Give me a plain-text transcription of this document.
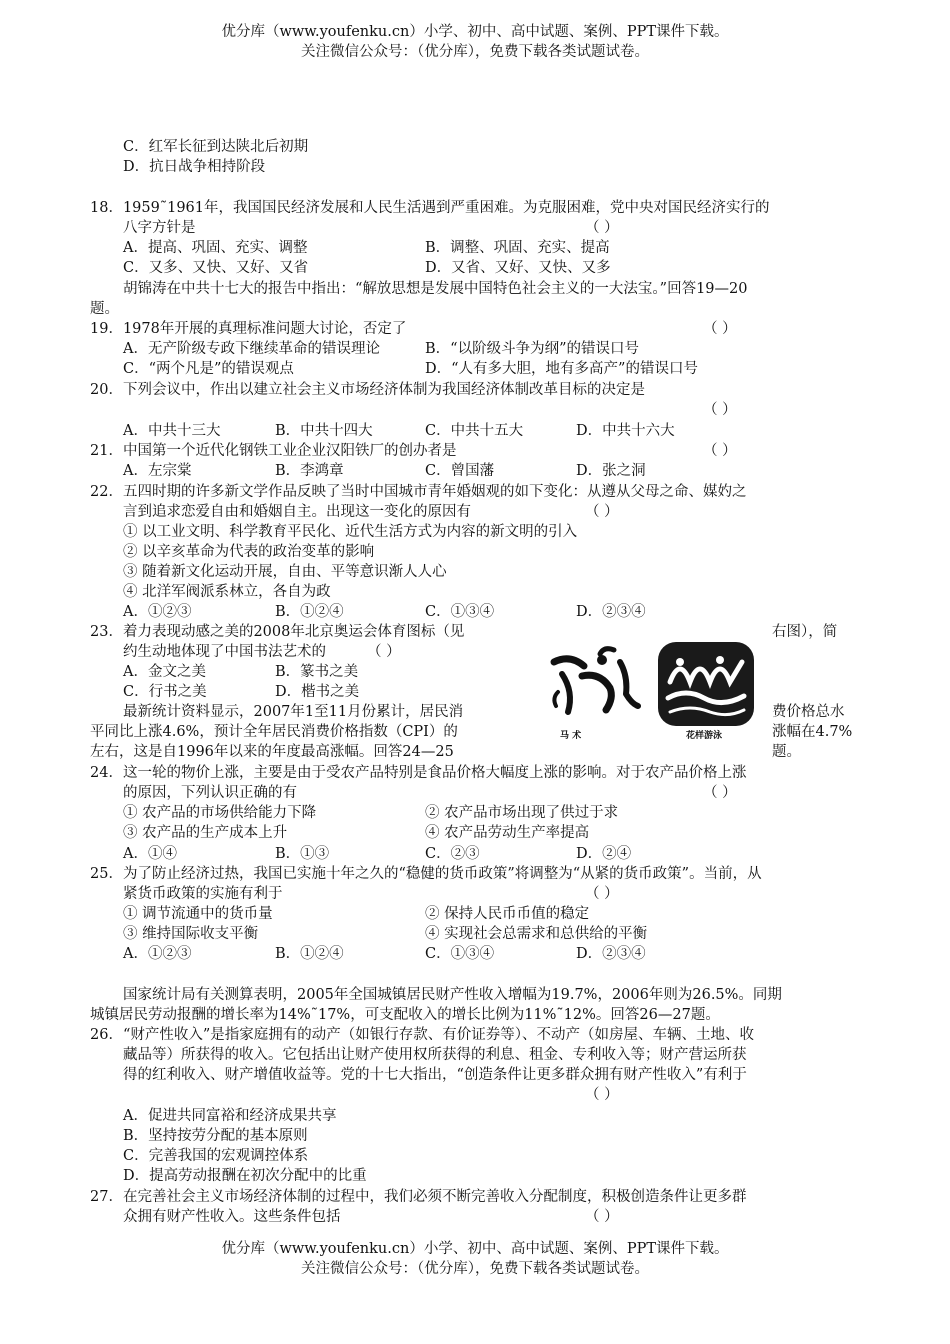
优分库（www.youfenku.cn）小学、初中、高中试题、案例、PPT课件下载。
关注微信公众号：（优分库），免费下载各类试题试卷。
C．红军长征到达陕北后初期
D．抗日战争相持阶段
18．1959˜1961年，我国国民经济发展和人民生活遇到严重困难。为克服困难，党中央对国民经济实行的
八字方针是	（ ）
A．提高、巩固、充实、调整	B．调整、巩固、充实、提高
C．又多、又快、又好、又省	D．又省、又好、又快、又多
胡锦涛在中共十七大的报告中指出：“解放思想是发展中国特色社会主义的一大法宝。”回答19—20
题。
19．1978年开展的真理标准问题大讨论，否定了	（ ）
A．无产阶级专政下继续革命的错误理论	B．“以阶级斗争为纲”的错误口号
C．“两个凡是”的错误观点	D．“人有多大胆，地有多高产”的错误口号
20．下列会议中，作出以建立社会主义市场经济体制为我国经济体制改革目标的决定是
（ ）
A．中共十三大	B．中共十四大	C．中共十五大	D．中共十六大
21．中国第一个近代化钢铁工业企业汉阳铁厂的创办者是	（ ）
A．左宗棠	B．李鸿章	C．曾国藩	D．张之洞
22．五四时期的许多新文学作品反映了当时中国城市青年婚姻观的如下变化：从遵从父母之命、媒妁之
言到追求恋爱自由和婚姻自主。出现这一变化的原因有	（ ）
① 以工业文明、科学教育平民化、近代生活方式为内容的新文明的引入
② 以辛亥革命为代表的政治变革的影响
③ 随着新文化运动开展，自由、平等意识渐人人心
④ 北洋军阀派系林立，各自为政
A．①②③	B．①②④	C．①③④	D．②③④
23．着力表现动感之美的2008年北京奥运会体育图标（见	右图），简
约生动地体现了中国书法艺术的	（ ）
A．金文之美	B．篆书之美
C．行书之美	D．楷书之美
马 术	花样游泳
最新统计资料显示，2007年1至11月份累计，居民消	费价格总水
平同比上涨4.6%，预计全年居民消费价格指数（CPI）的	涨幅在4.7%
左右，这是自1996年以来的年度最高涨幅。回答24—25	题。
24．这一轮的物价上涨，主要是由于受农产品特别是食品价格大幅度上涨的影响。对于农产品价格上涨
的原因，下列认识正确的有	（ ）
① 农产品的市场供给能力下降	② 农产品市场出现了供过于求
③ 农产品的生产成本上升	④ 农产品劳动生产率提高
A．①④	B．①③	C．②③	D．②④
25．为了防止经济过热，我国已实施十年之久的“稳健的货币政策”将调整为“从紧的货币政策”。当前，从
紧货币政策的实施有利于	（ ）
① 调节流通中的货币量	② 保持人民币币值的稳定
③ 维持国际收支平衡	④ 实现社会总需求和总供给的平衡
A．①②③	B．①②④	C．①③④	D．②③④
国家统计局有关测算表明，2005年全国城镇居民财产性收入增幅为19.7%，2006年则为26.5%。同期
城镇居民劳动报酬的增长率为14%˜17%，可支配收入的增长比例为11%˜12%。回答26—27题。
26．“财产性收入”是指家庭拥有的动产（如银行存款、有价证券等）、不动产（如房屋、车辆、土地、收
藏品等）所获得的收入。它包括出让财产使用权所获得的利息、租金、专利收入等；财产营运所获
得的红利收入、财产增值收益等。党的十七大指出，“创造条件让更多群众拥有财产性收入”有利于
（ ）
A．促进共同富裕和经济成果共享
B．坚持按劳分配的基本原则
C．完善我国的宏观调控体系
D．提高劳动报酬在初次分配中的比重
27．在完善社会主义市场经济体制的过程中，我们必须不断完善收入分配制度，积极创造条件让更多群
众拥有财产性收入。这些条件包括	（ ）
优分库（www.youfenku.cn）小学、初中、高中试题、案例、PPT课件下载。
关注微信公众号：（优分库），免费下载各类试题试卷。
